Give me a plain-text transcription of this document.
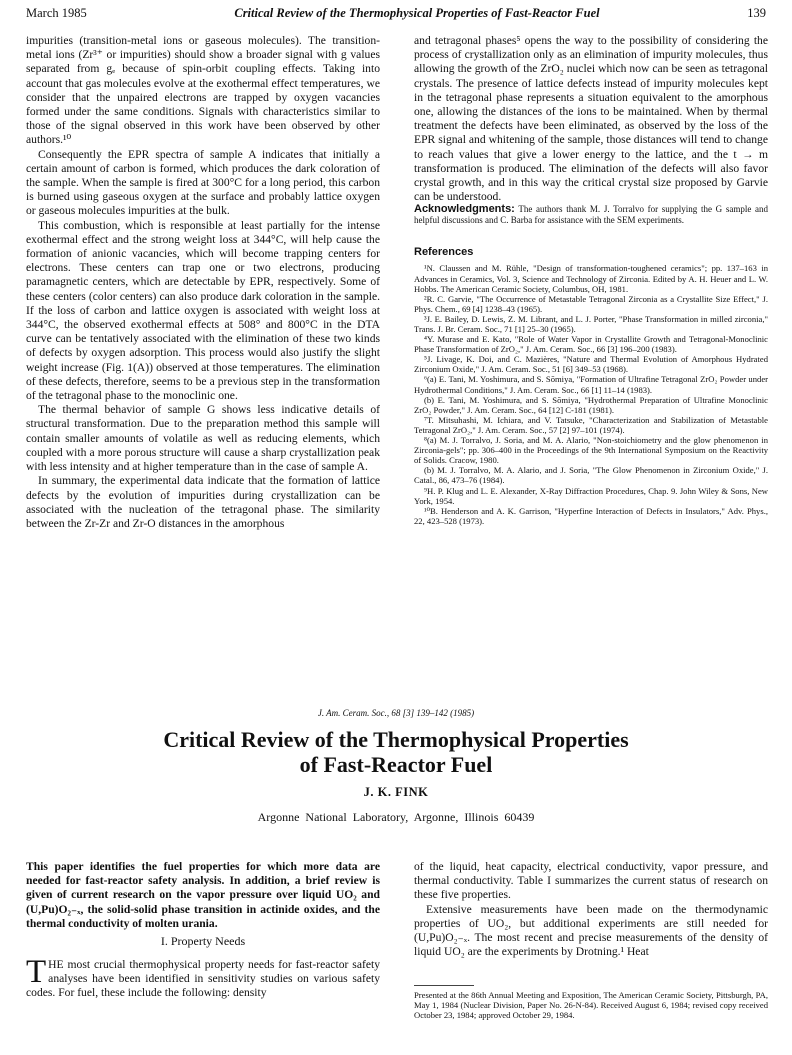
March 1985	Critical Review of the Thermophysical Properties of Fast-Reactor Fuel	139

impurities (transition-metal ions or gaseous molecules). The transition-metal ions (Zr³⁺ or impurities) should show a broader signal with g values separated from gₑ because of spin-orbit coupling effects. Taking into account that gas molecules evolve at the exothermal effect temperatures, we consider that the unpaired electrons are trapped by oxygen vacancies formed under the same conditions. Signals with characteristics similar to those of the signal observed in this work have been observed by other authors.¹⁰

Consequently the EPR spectra of sample A indicates that initially a certain amount of carbon is formed, which produces the dark coloration of the sample. When the sample is fired at 300°C for a long period, this carbon is burned using gaseous oxygen at the surface and probably lattice oxygen or gaseous molecules impurities at the bulk.

This combustion, which is responsible at least partially for the intense exothermal effect and the strong weight loss at 344°C, will help cause the formation of anionic vacancies, which will become trapping centers for electrons. These centers can trap one or two electrons, producing paramagnetic centers, which are detectable by EPR, respectively. Some of these centers (color centers) can also produce dark coloration in the sample. If the loss of carbon and lattice oxygen is associated with weight loss at 344°C, the observed exothermal effects at 508° and 800°C in the DTA curve can be tentatively associated with the elimination of these two kinds of defects by oxygen adsorption. This process would also justify the slight weight increase (Fig. 1(A)) observed at those temperatures. The elimination of these defects, therefore, seems to be a previous step in the transformation of the tetragonal phase to the monoclinic one.

The thermal behavior of sample G shows less indicative details of structural transformation. Due to the preparation method this sample will contain smaller amounts of volatile as well as reducing elements, which coupled with a more porous structure will cause a sharp crystallization peak with less intensity and at higher temperature than in the case of sample A.

In summary, the experimental data indicate that the formation of lattice defects by the evolution of impurities during crystallization can be associated with the nucleation of the tetragonal phase. The similarity between the Zr-Zr and Zr-O distances in the amorphous

and tetragonal phases⁵ opens the way to the possibility of considering the process of crystallization only as an elimination of impurity molecules, thus allowing the growth of the ZrO₂ nuclei which now can be seen as tetragonal crystals. The presence of lattice defects instead of impurity molecules kept in the tetragonal phase represents a situation equivalent to the amorphous one, allowing the distances of the ions to be maintained. When by thermal treatment the defects have been eliminated, as observed by the loss of the EPR signal and whitening of the sample, those distances will tend to change to reach values that give a lower energy to the lattice, and the t → m transformation is produced. The elimination of the defects will also favor crystal growth, and in this way the critical crystal size proposed by Garvie can be understood.

Acknowledgments: The authors thank M. J. Torralvo for supplying the G sample and helpful discussions and C. Barba for assistance with the SEM experiments.

References
¹N. Claussen and M. Rühle, "Design of transformation-toughened ceramics"; pp. 137–163 in Advances in Ceramics, Vol. 3, Science and Technology of Zirconia. Edited by A. H. Heuer and L. W. Hobbs. The American Ceramic Society, Columbus, OH, 1981.
²R. C. Garvie, "The Occurrence of Metastable Tetragonal Zirconia as a Crystallite Size Effect," J. Phys. Chem., 69 [4] 1238–43 (1965).
³J. E. Bailey, D. Lewis, Z. M. Librant, and L. J. Porter, "Phase Transformation in milled zirconia," Trans. J. Br. Ceram. Soc., 71 [1] 25–30 (1965).
⁴Y. Murase and E. Kato, "Role of Water Vapor in Crystallite Growth and Tetragonal-Monoclinic Phase Transformation of ZrO₂," J. Am. Ceram. Soc., 66 [3] 196–200 (1983).
⁵J. Livage, K. Doi, and C. Mazières, "Nature and Thermal Evolution of Amorphous Hydrated Zirconium Oxide," J. Am. Ceram. Soc., 51 [6] 349–53 (1968).
⁶(a) E. Tani, M. Yoshimura, and S. Sōmiya, "Formation of Ultrafine Tetragonal ZrO₂ Powder under Hydrothermal Conditions," J. Am. Ceram. Soc., 66 [1] 11–14 (1983).
(b) E. Tani, M. Yoshimura, and S. Sōmiya, "Hydrothermal Preparation of Ultrafine Monoclinic ZrO₂ Powder," J. Am. Ceram. Soc., 64 [12] C-181 (1981).
⁷T. Mitsuhashi, M. Ichiara, and V. Tatsuke, "Characterization and Stabilization of Metastable Tetragonal ZrO₂," J. Am. Ceram. Soc., 57 [2] 97–101 (1974).
⁸(a) M. J. Torralvo, J. Soria, and M. A. Alario, "Non-stoichiometry and the glow phenomenon in Zirconia-gels"; pp. 306–400 in the Proceedings of the 9th International Symposium on the Reactivity of Solids. Cracow, 1980.
(b) M. J. Torralvo, M. A. Alario, and J. Soria, "The Glow Phenomenon in Zirconium Oxide," J. Catal., 86, 473–76 (1984).
⁹H. P. Klug and L. E. Alexander, X-Ray Diffraction Procedures, Chap. 9. John Wiley & Sons, New York, 1954.
¹⁰B. Henderson and A. K. Garrison, "Hyperfine Interaction of Defects in Insulators," Adv. Phys., 22, 423–528 (1973).
J. Am. Ceram. Soc., 68 [3] 139–142 (1985)
Critical Review of the Thermophysical Properties
of Fast-Reactor Fuel
J. K. FINK
Argonne National Laboratory, Argonne, Illinois 60439
This paper identifies the fuel properties for which more data are needed for fast-reactor safety analysis. In addition, a brief review is given of current research on the vapor pressure over liquid UO₂ and (U,Pu)O₂₋ₓ, the solid-solid phase transition in actinide oxides, and the thermal conductivity of molten urania.
I. Property Needs
THE most crucial thermophysical property needs for fast-reactor safety analyses have been identified in sensitivity studies on various safety codes. For fuel, these include the following: density

of the liquid, heat capacity, electrical conductivity, vapor pressure, and thermal conductivity. Table I summarizes the current status of research on these five properties.

Extensive measurements have been made on the thermodynamic properties of UO₂, but additional experiments are still needed for (U,Pu)O₂₋ₓ. The most recent and precise measurements of the density of liquid UO₂ are the experiments by Drotning.¹ Heat

Presented at the 86th Annual Meeting and Exposition, The American Ceramic Society, Pittsburgh, PA, May 1, 1984 (Nuclear Division, Paper No. 26-N-84). Received August 6, 1984; revised copy received October 23, 1984; approved October 29, 1984.
